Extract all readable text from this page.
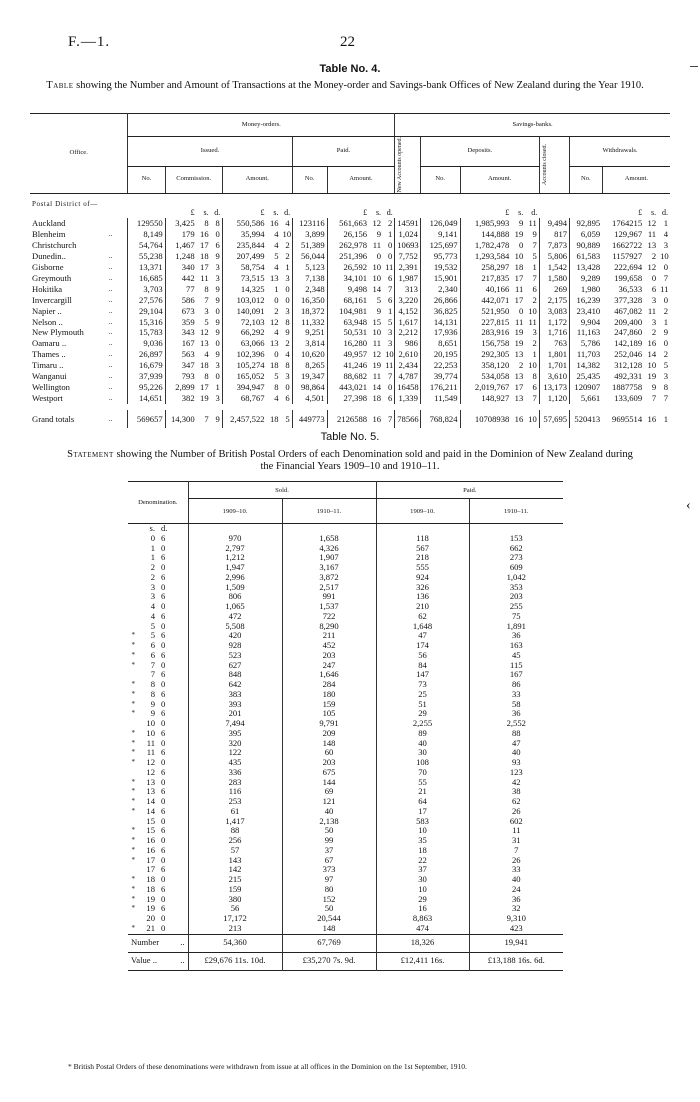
F.—1.	22
Table No. 4.
Table showing the Number and Amount of Transactions at the Money-order and Savings-bank Offices of New Zealand during the Year 1910.
Office.		Money-orders.											Savings-banks.									
		Issued.							Paid.				New Accounts opened.	Deposits.				Accounts closed.	Withdrawals.			
		No.	Commission.			Amount.			No.	Amount.				No.	Amount.				No.	Amount.		

Postal District of—																						
			£	s.	d.	£	s.	d.		£	s.	d.			£	s.	d.			£	s.	d.
Auckland		129550	3,425	8	8	550,586	16	4	123116	561,663	12	2	14591	126,049	1,985,993	9	11	9,494	92,895	1764215	12	1
Blenheim	..	8,149	179	16	0	35,994	4	10	3,899	26,156	9	1	1,024	9,141	144,888	19	9	817	6,059	129,967	11	4
Christchurch		54,764	1,467	17	6	235,844	4	2	51,389	262,978	11	0	10693	125,697	1,782,478	0	7	7,873	90,889	1662722	13	3
Dunedin..	..	55,238	1,248	18	9	207,499	5	2	56,044	251,396	0	0	7,752	95,773	1,293,584	10	5	5,806	61,583	1157927	2	10
Gisborne	..	13,371	340	17	3	58,754	4	1	5,123	26,592	10	11	2,391	19,532	258,297	18	1	1,542	13,428	222,694	12	0
Greymouth	..	16,685	442	11	3	73,515	13	3	7,138	34,101	10	6	1,987	15,901	217,835	17	7	1,580	9,289	199,658	0	7
Hokitika	..	3,703	77	8	9	14,325	1	0	2,348	9,498	14	7	313	2,340	40,166	11	6	269	1,980	36,533	6	11
Invercargill	..	27,576	586	7	9	103,012	0	0	16,350	68,161	5	6	3,220	26,866	442,071	17	2	2,175	16,239	377,328	3	0
Napier ..	..	29,104	673	3	0	140,091	2	3	18,372	104,981	9	1	4,152	36,825	521,950	0	10	3,083	23,410	467,082	11	2
Nelson ..	..	15,316	359	5	9	72,103	12	8	11,332	63,948	15	5	1,617	14,131	227,815	11	11	1,172	9,904	209,400	3	1
New Plymouth	..	15,783	343	12	9	66,292	4	9	9,251	50,531	10	3	2,212	17,936	283,916	19	3	1,716	11,163	247,860	2	9
Oamaru ..	..	9,036	167	13	0	63,066	13	2	3,814	16,280	11	3	986	8,651	156,758	19	2	763	5,786	142,189	16	0
Thames ..	..	26,897	563	4	9	102,396	0	4	10,620	49,957	12	10	2,610	20,195	292,305	13	1	1,801	11,703	252,046	14	2
Timaru ..	..	16,679	347	18	3	105,274	18	8	8,265	41,246	19	11	2,434	22,253	358,120	2	10	1,701	14,382	312,128	10	5
Wanganui	..	37,939	793	8	0	165,052	5	3	19,347	88,682	11	7	4,787	39,774	534,058	13	8	3,610	25,435	492,331	19	3
Wellington	..	95,226	2,899	17	1	394,947	8	0	98,864	443,021	14	0	16458	176,211	2,019,767	17	6	13,173	120907	1887758	9	8
Westport	..	14,651	382	19	3	68,767	4	6	4,501	27,398	18	6	1,339	11,549	148,927	13	7	1,120	5,661	133,609	7	7

Grand totals	..	569657	14,300	7	9	2,457,522	18	5	449773	2126588	16	7	78566	768,824	10708938	16	10	57,695	520413	9695514	16	1
Table No. 5.
Statement showing the Number of British Postal Orders of each Denomination sold and paid in the Dominion of New Zealand during the Financial Years 1909–10 and 1910–11.
Denomination.			Sold.		Paid.	
			1909–10.	1910–11.	1909–10.	1910–11.
	s.	d.				
	0	6	970	1,658	118	153
	1	0	2,797	4,326	567	662
	1	6	1,212	1,907	218	273
	2	0	1,947	3,167	555	609
	2	6	2,996	3,872	924	1,042
	3	0	1,509	2,517	326	353
	3	6	806	991	136	203
	4	0	1,065	1,537	210	255
	4	6	472	722	62	75
	5	0	5,508	8,290	1,648	1,891
*	5	6	420	211	47	36
*	6	0	928	452	174	163
*	6	6	523	203	56	45
*	7	0	627	247	84	115
	7	6	848	1,646	147	167
*	8	0	642	284	73	86
*	8	6	383	180	25	33
*	9	0	393	159	51	58
*	9	6	201	105	29	36
	10	0	7,494	9,791	2,255	2,552
*	10	6	395	209	89	88
*	11	0	320	148	40	47
*	11	6	122	60	30	40
*	12	0	435	203	108	93
	12	6	336	675	70	123
*	13	0	283	144	55	42
*	13	6	116	69	21	38
*	14	0	253	121	64	62
*	14	6	61	40	17	26
	15	0	1,417	2,138	583	602
*	15	6	88	50	10	11
*	16	0	256	99	35	31
*	16	6	57	37	18	7
*	17	0	143	67	22	26
	17	6	142	373	37	33
*	18	0	215	97	30	40
*	18	6	159	80	10	24
*	19	0	380	152	29	36
*	19	6	56	50	16	32
	20	0	17,172	20,544	8,863	9,310
*	21	0	213	148	474	423
Number		..	54,360	67,769	18,326	19,941
Value ..		..	£29,676 11s. 10d.	£35,270 7s. 9d.	£12,411 16s.	£13,188 16s. 6d.
‹
* British Postal Orders of these denominations were withdrawn from issue at all offices in the Dominion on the 1st September, 1910.
